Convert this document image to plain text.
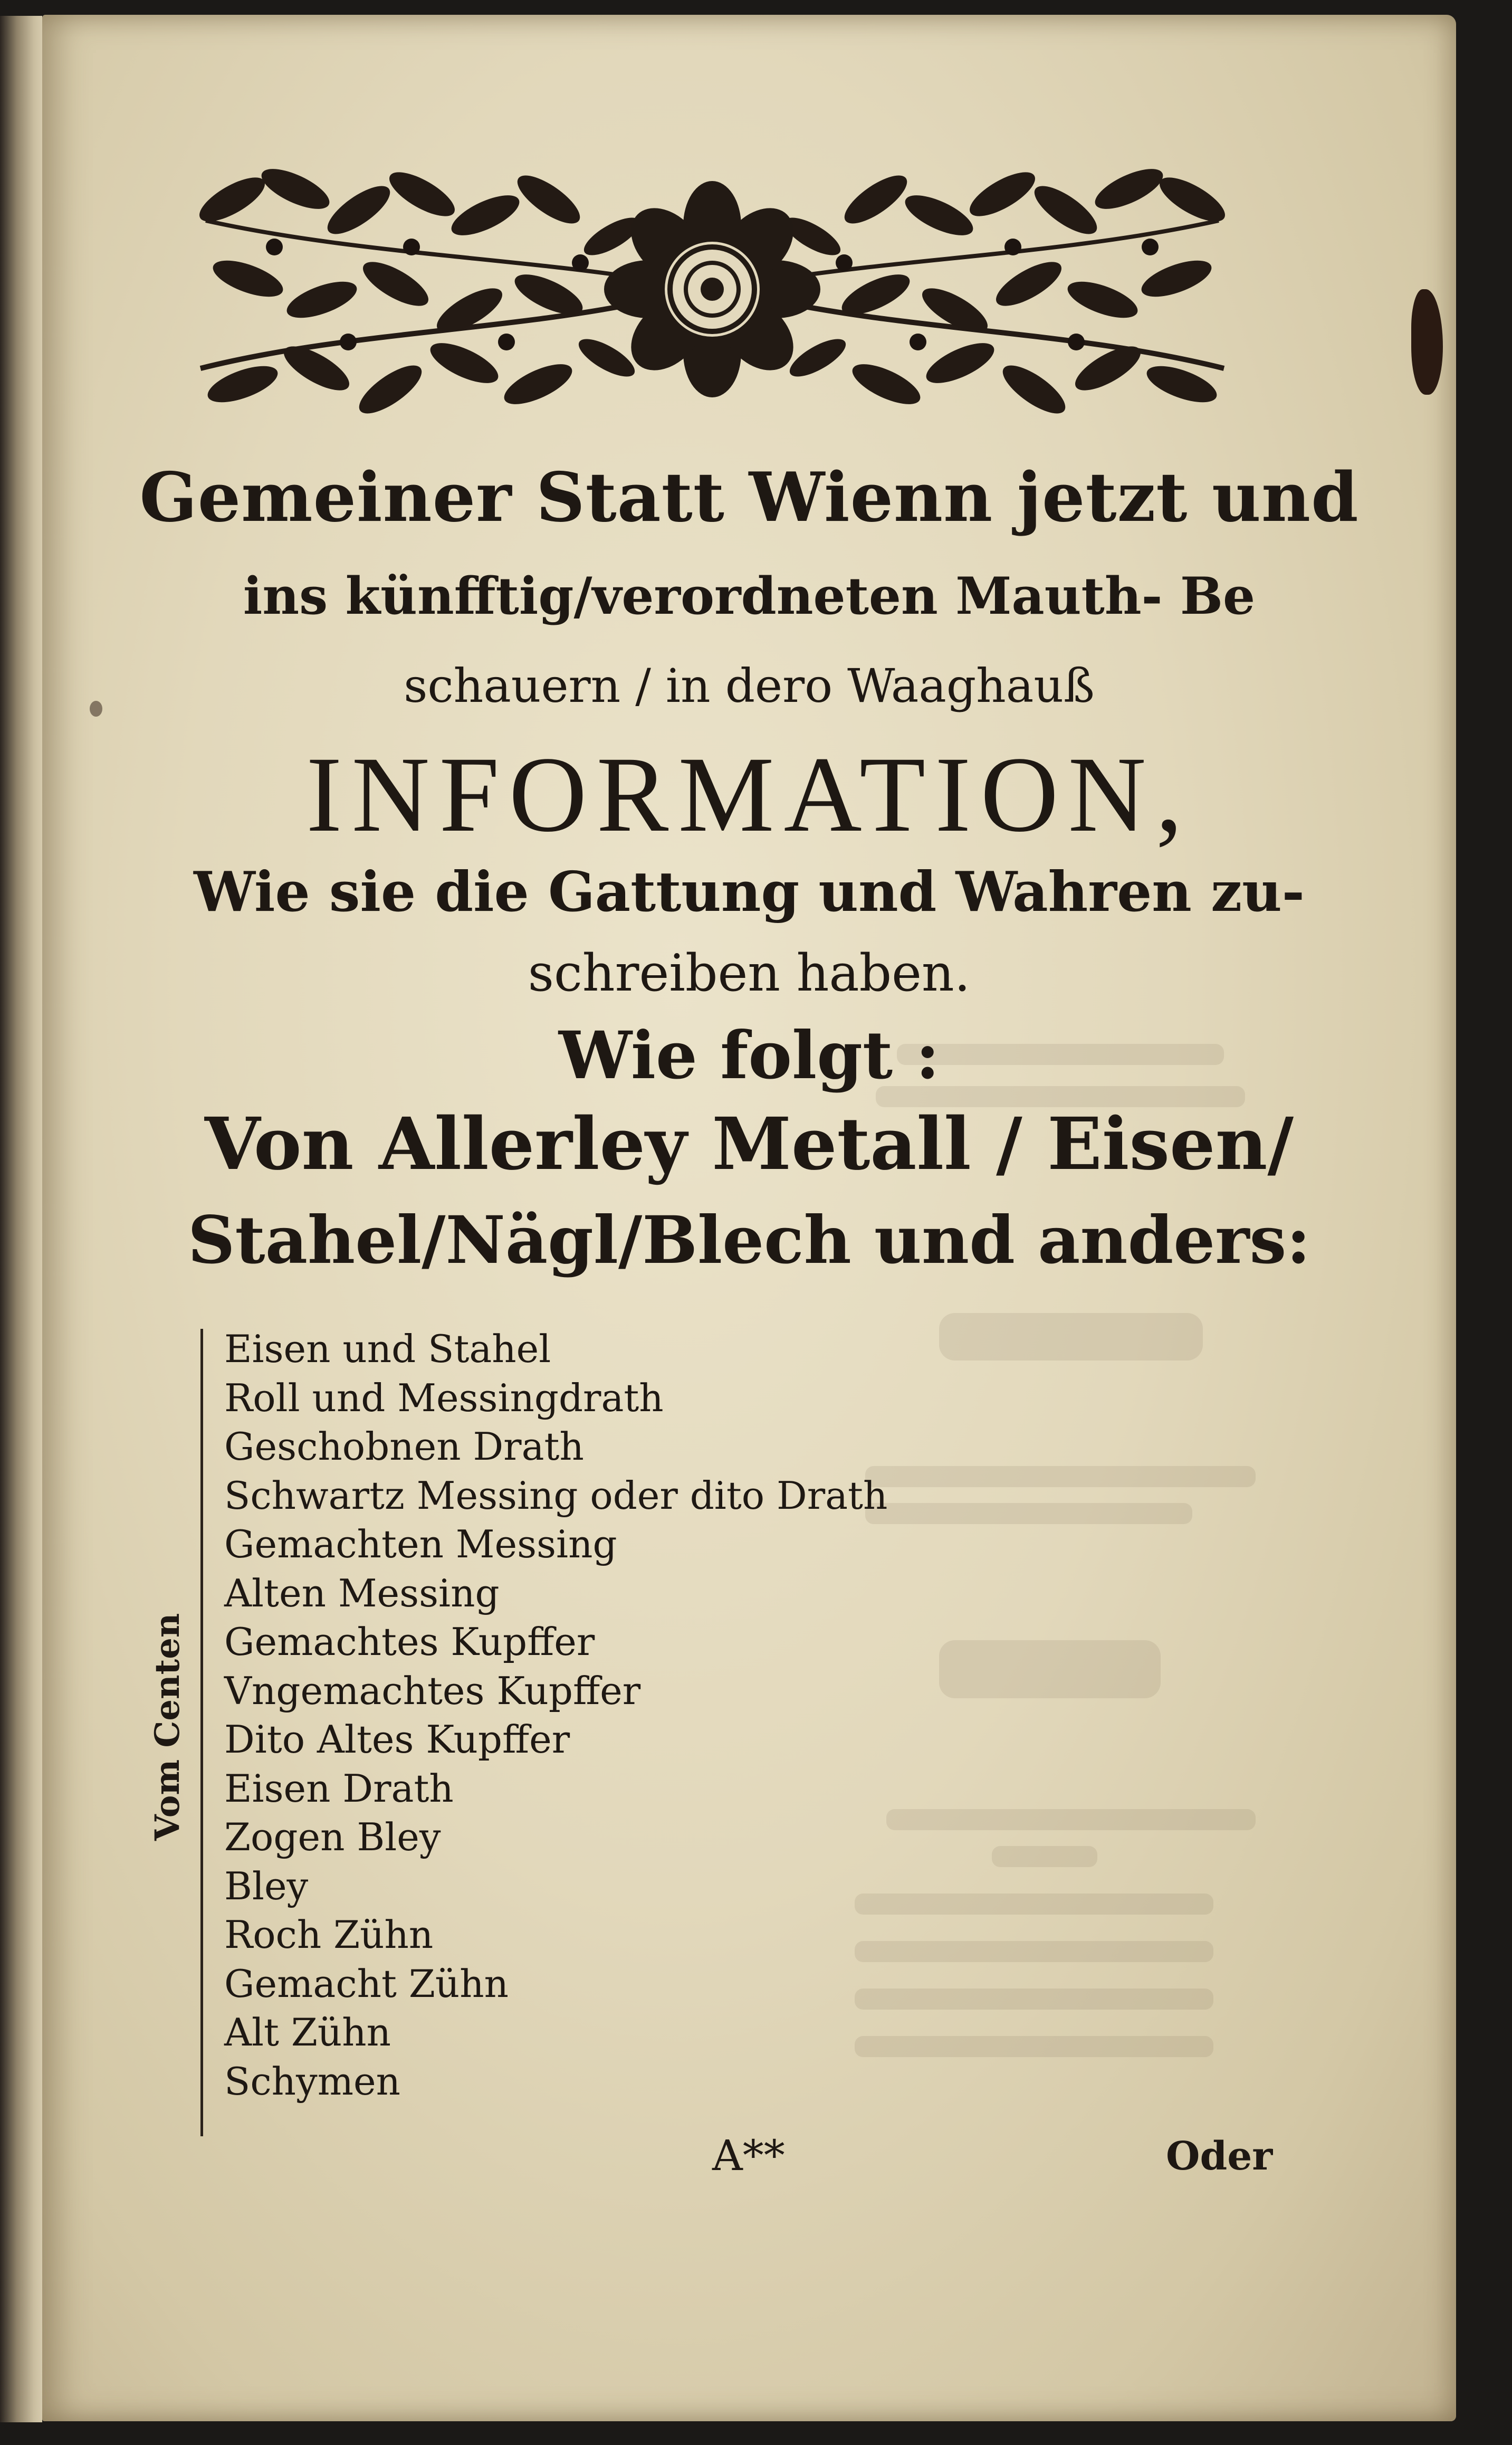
Gemeiner Statt Wienn jetzt und
ins künfftig/verordneten Mauth- Be
schauern / in dero Waaghauß
INFORMATION,
Wie sie die Gattung und Wahren zu-
schreiben haben.
Wie folgt :
Von Allerley Metall / Eisen/
Stahel/Nägl/Blech und anders:
Vom Centen
Eisen und Stahel
Roll und Messingdrath
Geschobnen Drath
Schwartz Messing oder dito Drath
Gemachten Messing
Alten Messing
Gemachtes Kupffer
Vngemachtes Kupffer
Dito Altes Kupffer
Eisen Drath
Zogen Bley
Bley
Roch Zühn
Gemacht Zühn
Alt Zühn
Schymen
A**	Oder
